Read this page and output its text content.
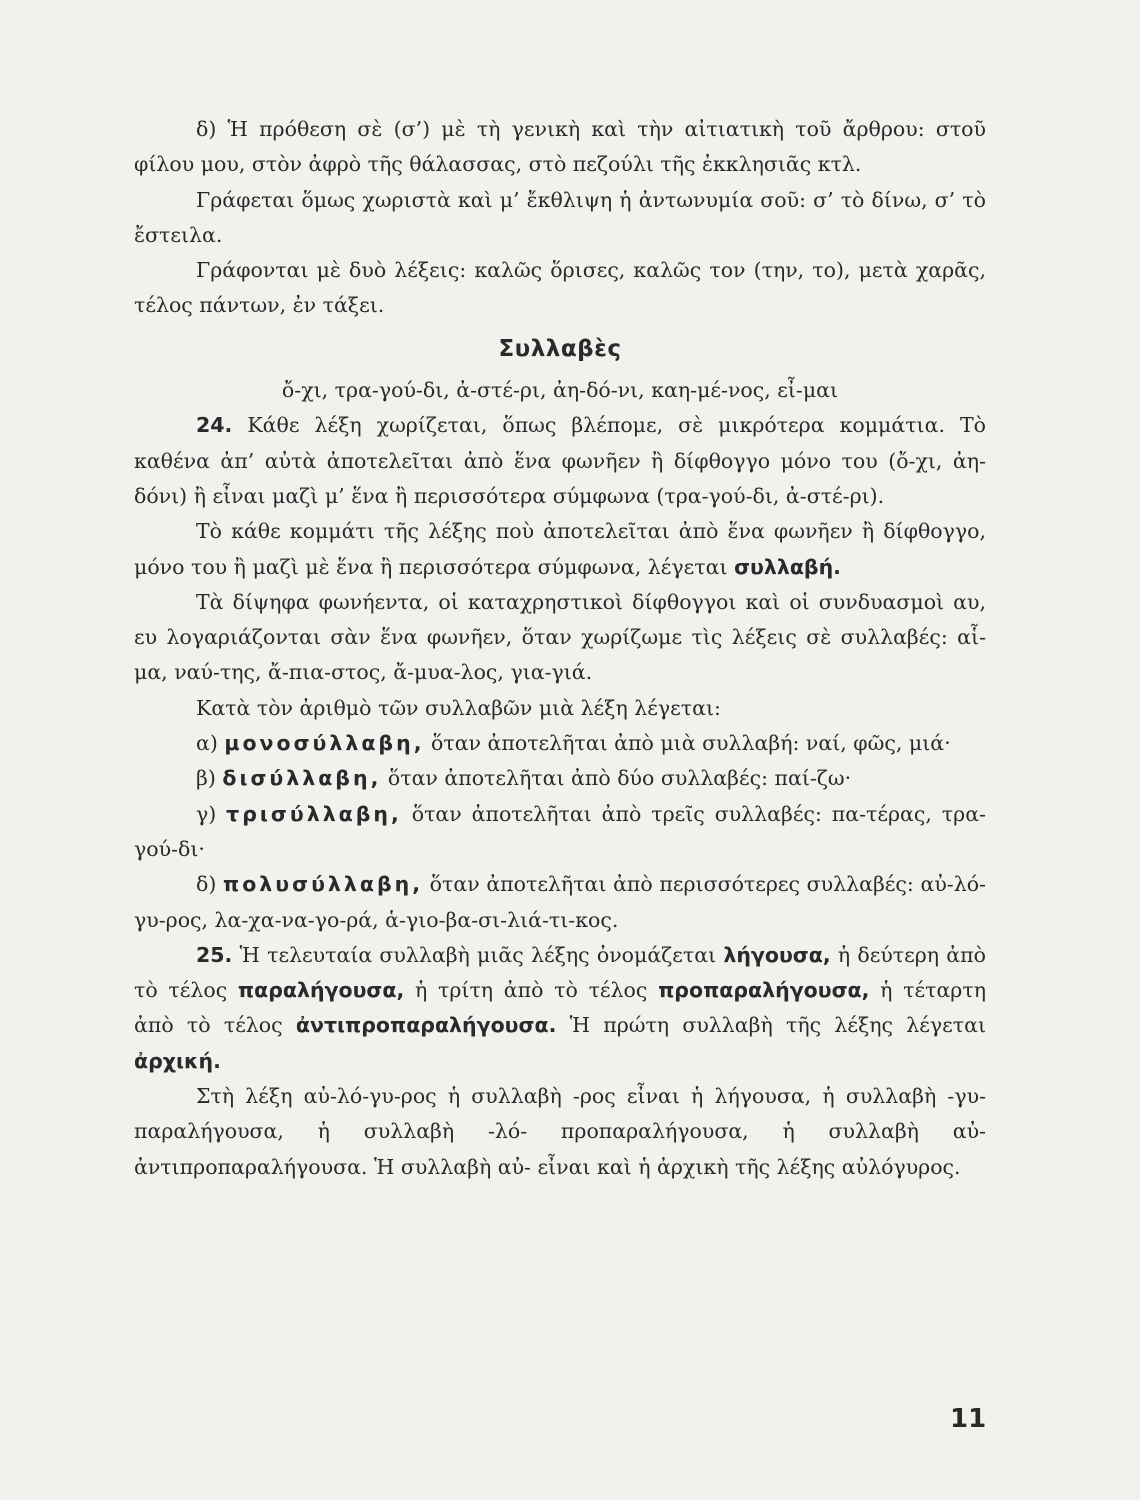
δ) Ἡ πρόθεση σὲ (σ’) μὲ τὴ γενικὴ καὶ τὴν αἰτιατικὴ τοῦ ἄρθρου: στοῦ φίλου μου, στὸν ἀφρὸ τῆς θάλασσας, στὸ πεζούλι τῆς ἐκκλησιᾶς κτλ.

Γράφεται ὅμως χωριστὰ καὶ μ’ ἔκθλιψη ἡ ἀντωνυμία σοῦ: σ’ τὸ δίνω, σ’ τὸ ἔστειλα.

Γράφονται μὲ δυὸ λέξεις: καλῶς ὅρισες, καλῶς τον (την, το), μετὰ χαρᾶς, τέλος πάντων, ἐν τάξει.

Συλλαβὲς

ὄ-χι, τρα-γού-δι, ἀ-στέ-ρι, ἀη-δό-νι, καη-μέ-νος, εἶ-μαι

24. Κάθε λέξη χωρίζεται, ὅπως βλέπομε, σὲ μικρότερα κομμάτια. Τὸ καθένα ἀπ’ αὐτὰ ἀποτελεῖται ἀπὸ ἕνα φωνῆεν ἢ δίφθογγο μόνο του (ὄ-χι, ἀη-δόνι) ἢ εἶναι μαζὶ μ’ ἕνα ἢ περισσότερα σύμφωνα (τρα-γού-δι, ἀ-στέ-ρι).

Τὸ κάθε κομμάτι τῆς λέξης ποὺ ἀποτελεῖται ἀπὸ ἕνα φωνῆεν ἢ δίφθογγο, μόνο του ἢ μαζὶ μὲ ἕνα ἢ περισσότερα σύμφωνα, λέγεται συλλαβή.

Τὰ δίψηφα φωνήεντα, οἱ καταχρηστικοὶ δίφθογγοι καὶ οἱ συνδυασμοὶ αυ, ευ λογαριάζονται σὰν ἕνα φωνῆεν, ὅταν χωρίζωμε τὶς λέξεις σὲ συλλαβές: αἷ-μα, ναύ-της, ἄ-πια-στος, ἄ-μυα-λος, για-γιά.

Κατὰ τὸν ἀριθμὸ τῶν συλλαβῶν μιὰ λέξη λέγεται:

α) μονοσύλλαβη, ὅταν ἀποτελῆται ἀπὸ μιὰ συλλαβή: ναί, φῶς, μιά·

β) δισύλλαβη, ὅταν ἀποτελῆται ἀπὸ δύο συλλαβές: παί-ζω·

γ) τρισύλλαβη, ὅταν ἀποτελῆται ἀπὸ τρεῖς συλλαβές: πα-τέρας, τρα-γού-δι·

δ) πολυσύλλαβη, ὅταν ἀποτελῆται ἀπὸ περισσότερες συλλαβές: αὐ-λό-γυ-ρος, λα-χα-να-γο-ρά, ἁ-γιο-βα-σι-λιά-τι-κος.

25. Ἡ τελευταία συλλαβὴ μιᾶς λέξης ὀνομάζεται λήγουσα, ἡ δεύτερη ἀπὸ τὸ τέλος παραλήγουσα, ἡ τρίτη ἀπὸ τὸ τέλος προπαραλήγουσα, ἡ τέταρτη ἀπὸ τὸ τέλος ἀντιπροπαραλήγουσα. Ἡ πρώτη συλλαβὴ τῆς λέξης λέγεται ἀρχική.

Στὴ λέξη αὐ-λό-γυ-ρος ἡ συλλαβὴ -ρος εἶναι ἡ λήγουσα, ἡ συλλαβὴ -γυ- παραλήγουσα, ἡ συλλαβὴ -λό- προπαραλήγουσα, ἡ συλλαβὴ αὐ- ἀντιπροπαραλήγουσα. Ἡ συλλαβὴ αὐ- εἶναι καὶ ἡ ἀρχικὴ τῆς λέξης αὐλόγυρος.

11
